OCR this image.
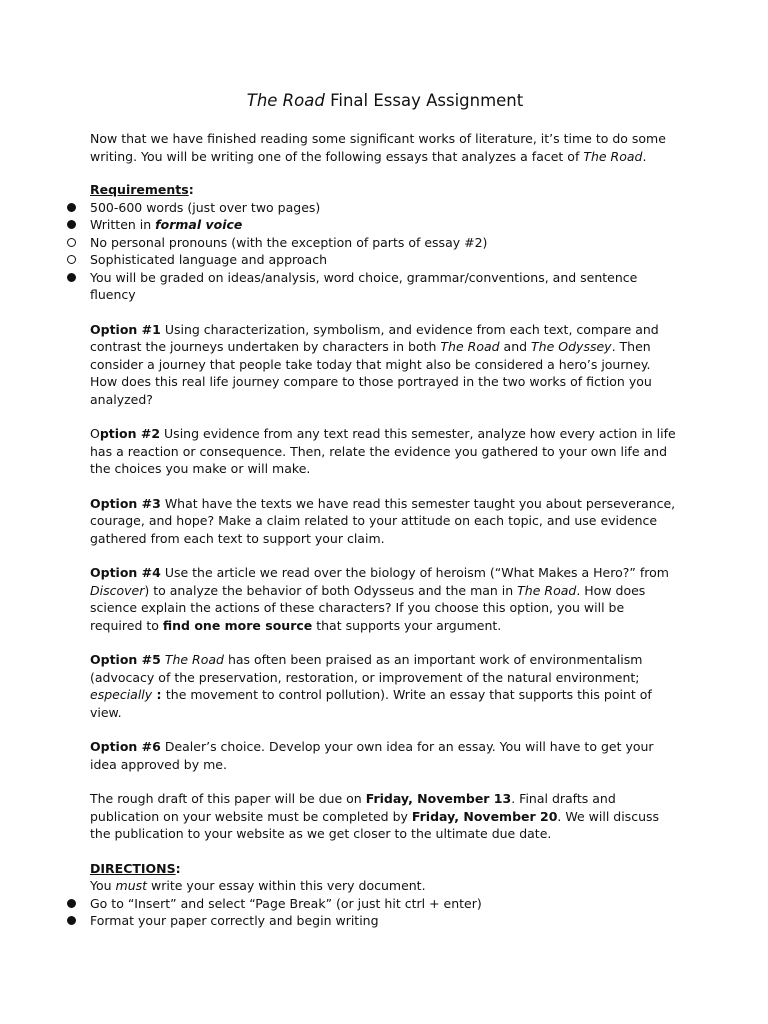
The Road Final Essay Assignment

Now that we have finished reading some significant works of literature, it’s time to do some writing. You will be writing one of the following essays that analyzes a facet of The Road.

Requirements:

500-600 words (just over two pages)
Written in formal voice
No personal pronouns (with the exception of parts of essay #2)
Sophisticated language and approach
You will be graded on ideas/analysis, word choice, grammar/conventions, and sentence fluency

Option #1 Using characterization, symbolism, and evidence from each text, compare and contrast the journeys undertaken by characters in both The Road and The Odyssey. Then consider a journey that people take today that might also be considered a hero’s journey. How does this real life journey compare to those portrayed in the two works of fiction you analyzed?

Option #2 Using evidence from any text read this semester, analyze how every action in life has a reaction or consequence. Then, relate the evidence you gathered to your own life and the choices you make or will make.

Option #3 What have the texts we have read this semester taught you about perseverance, courage, and hope? Make a claim related to your attitude on each topic, and use evidence gathered from each text to support your claim.

Option #4 Use the article we read over the biology of heroism (“What Makes a Hero?” from Discover) to analyze the behavior of both Odysseus and the man in The Road. How does science explain the actions of these characters? If you choose this option, you will be required to find one more source that supports your argument.

Option #5 The Road has often been praised as an important work of environmentalism (advocacy of the preservation, restoration, or improvement of the natural environment; especially : the movement to control pollution). Write an essay that supports this point of view.

Option #6 Dealer’s choice. Develop your own idea for an essay. You will have to get your idea approved by me.

The rough draft of this paper will be due on Friday, November 13. Final drafts and publication on your website must be completed by Friday, November 20. We will discuss the publication to your website as we get closer to the ultimate due date.

DIRECTIONS:

You must write your essay within this very document.

Go to “Insert” and select “Page Break” (or just hit ctrl + enter)
Format your paper correctly and begin writing
